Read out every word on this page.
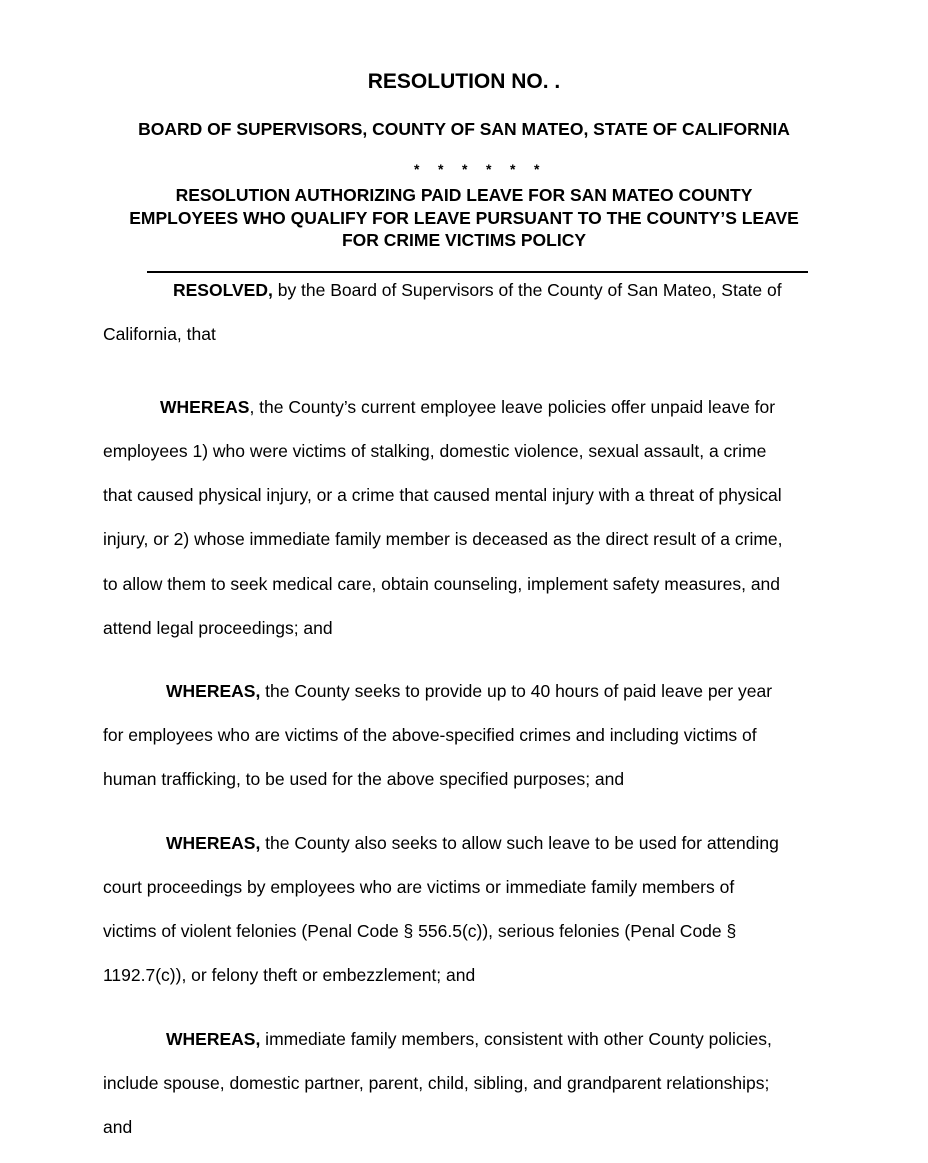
RESOLUTION NO. .

BOARD OF SUPERVISORS, COUNTY OF SAN MATEO, STATE OF CALIFORNIA

* * * * * *

RESOLUTION AUTHORIZING PAID LEAVE FOR SAN MATEO COUNTY

EMPLOYEES WHO QUALIFY FOR LEAVE PURSUANT TO THE COUNTY’S LEAVE

FOR CRIME VICTIMS POLICY

RESOLVED, by the Board of Supervisors of the County of San Mateo, State of

California, that

WHEREAS, the County’s current employee leave policies offer unpaid leave for

employees 1) who were victims of stalking, domestic violence, sexual assault, a crime

that caused physical injury, or a crime that caused mental injury with a threat of physical

injury, or 2) whose immediate family member is deceased as the direct result of a crime,

to allow them to seek medical care, obtain counseling, implement safety measures, and

attend legal proceedings; and

WHEREAS, the County seeks to provide up to 40 hours of paid leave per year

for employees who are victims of the above-specified crimes and including victims of

human trafficking, to be used for the above specified purposes; and

WHEREAS, the County also seeks to allow such leave to be used for attending

court proceedings by employees who are victims or immediate family members of

victims of violent felonies (Penal Code § 556.5(c)), serious felonies (Penal Code §

1192.7(c)), or felony theft or embezzlement; and

WHEREAS, immediate family members, consistent with other County policies,

include spouse, domestic partner, parent, child, sibling, and grandparent relationships;

and
